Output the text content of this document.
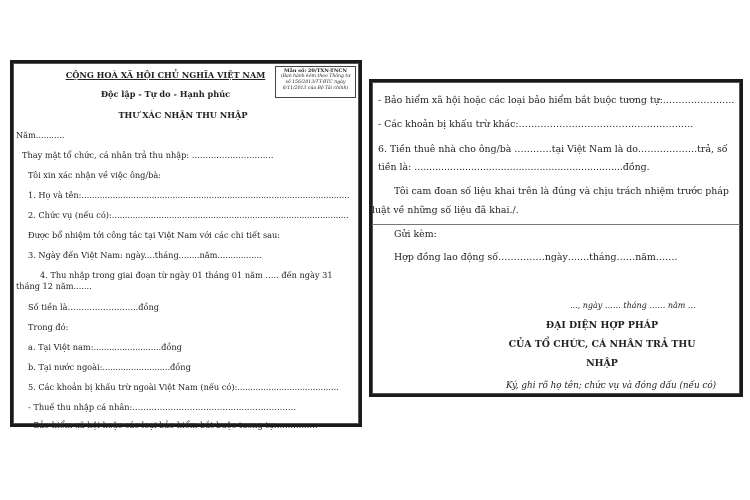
CỘNG HOÀ XÃ HỘI CHỦ NGHĨA VIỆT NAM
Độc lập - Tự do - Hạnh phúc
Mẫu số: 20/TXN-TNCN
(Ban hành kèm theo Thông tư
số 156/2013/TT-BTC ngày
6/11/2013 của Bộ Tài chính)
THƯ XÁC NHẬN THU NHẬP
Năm...........
Thay mặt tổ chức, cá nhân trả thu nhập: …………………………
Tôi xin xác nhận về việc ông/bà:
1. Họ và tên:.......................................................................................................
2. Chức vụ (nếu có):...........................................................................................
Được bổ nhiệm tới công tác tại Việt Nam với các chi tiết sau:
3. Ngày đến Việt Nam: ngày....tháng........năm.................
4. Thu nhập trong giai đoạn từ ngày 01 tháng 01 năm ….. đến ngày 31
tháng 12 năm.......
Số tiền là……………………..đồng
Trong đó:
a. Tại Việt nam:..........................đồng
b. Tại nước ngoài:..........................đồng
5. Các khoản bị khấu trừ ngoài Việt Nam (nếu có):.......................................
- Thuế thu nhập cá nhân:……………………………………………………
- Bảo hiểm xã hội hoặc các loại bảo hiểm bắt buộc tương tự:……………
- Bảo hiểm xã hội hoặc các loại bảo hiểm bắt buộc tương tự:…………………..
- Các khoản bị khấu trừ khác:………………………………………………..
6. Tiền thuê nhà cho ông/bà …………tại Việt Nam là do……………….trả, số
tiền là: ......................................................................đồng.
Tôi cam đoan số liệu khai trên là đúng và chịu trách nhiệm trước pháp
luật về những số liệu đã khai./.
Gửi kèm:
Hợp đồng lao động số……………ngày…....tháng……năm…….
..., ngày …… tháng …… năm ...
ĐẠI DIỆN HỢP PHÁP
CỦA TỔ CHỨC, CÁ NHÂN TRẢ THU
NHẬP
Ký, ghi rõ họ tên; chức vụ và đóng dấu (nếu có)
